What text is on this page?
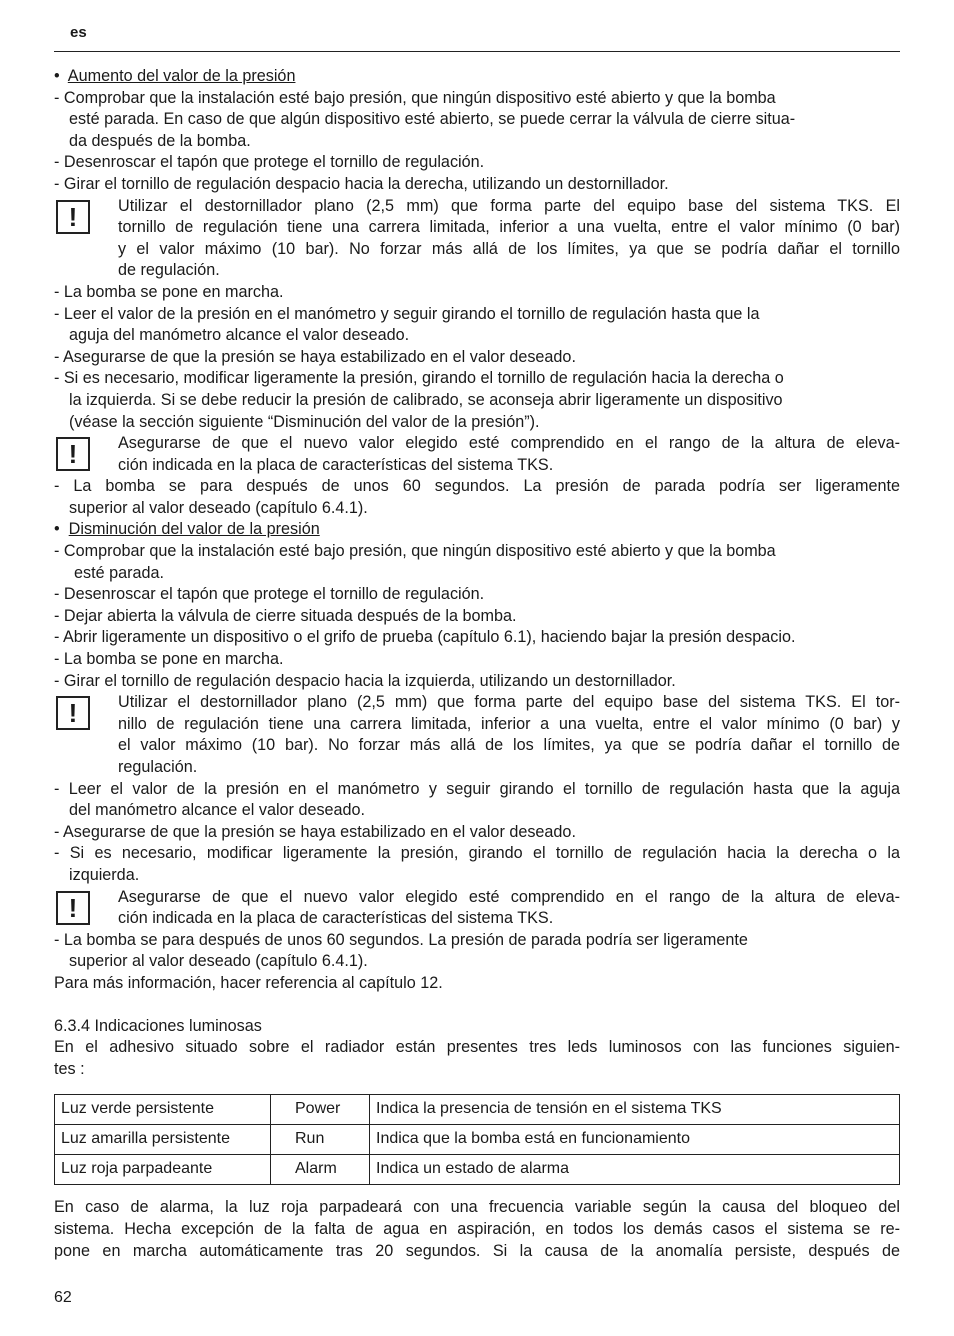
es
•  Aumento del valor de la presión
- Comprobar que la instalación esté bajo presión, que ningún dispositivo esté abierto y que la bomba
esté parada. En caso de que algún dispositivo esté abierto, se puede cerrar la válvula de cierre situa-
da después de la bomba.
- Desenroscar el tapón que protege el tornillo de regulación.
- Girar el tornillo de regulación despacio hacia la derecha, utilizando un destornillador.
!	Utilizar el destornillador plano (2,5 mm) que forma parte del equipo base del sistema TKS. El
tornillo de regulación tiene una carrera limitada, inferior a una vuelta, entre el valor mínimo (0 bar)
y el valor máximo (10 bar). No forzar más allá de los límites, ya que se podría dañar el tornillo
de regulación.
- La bomba se pone en marcha.
- Leer el valor de la presión en el manómetro y seguir girando el tornillo de regulación hasta que la
aguja del manómetro alcance el valor deseado.
- Asegurarse de que la presión se haya estabilizado en el valor deseado.
- Si es necesario, modificar ligeramente la presión, girando el tornillo de regulación hacia la derecha o
la izquierda. Si se debe reducir la presión de calibrado, se aconseja abrir ligeramente un dispositivo
(véase la sección siguiente “Disminución del valor de la presión”).
!	Asegurarse de que el nuevo valor elegido esté comprendido en el rango de la altura de eleva-
ción indicada en la placa de características del sistema TKS.
- La bomba se para después de unos 60 segundos. La presión de parada podría ser ligeramente
superior al valor deseado (capítulo 6.4.1).
•  Disminución del valor de la presión
- Comprobar que la instalación esté bajo presión, que ningún dispositivo esté abierto y que la bomba
esté parada.
- Desenroscar el tapón que protege el tornillo de regulación.
- Dejar abierta la válvula de cierre situada después de la bomba.
- Abrir ligeramente un dispositivo o el grifo de prueba (capítulo 6.1), haciendo bajar la presión despacio.
- La bomba se pone en marcha.
- Girar el tornillo de regulación despacio hacia la izquierda, utilizando un destornillador.
!	Utilizar el destornillador plano (2,5 mm) que forma parte del equipo base del sistema TKS. El tor-
nillo de regulación tiene una carrera limitada, inferior a una vuelta, entre el valor mínimo (0 bar) y
el valor máximo (10 bar). No forzar más allá de los límites, ya que se podría dañar el tornillo de
regulación.
- Leer el valor de la presión en el manómetro y seguir girando el tornillo de regulación hasta que la aguja
del manómetro alcance el valor deseado.
- Asegurarse de que la presión se haya estabilizado en el valor deseado.
- Si es necesario, modificar ligeramente la presión, girando el tornillo de regulación hacia la derecha o la
izquierda.
!	Asegurarse de que el nuevo valor elegido esté comprendido en el rango de la altura de eleva-
ción indicada en la placa de características del sistema TKS.
- La bomba se para después de unos 60 segundos. La presión de parada podría ser ligeramente
superior al valor deseado (capítulo 6.4.1).
Para más información, hacer referencia al capítulo 12.
6.3.4 Indicaciones luminosas
En el adhesivo situado sobre el radiador están presentes tres leds luminosos con las funciones siguien-
tes :
Luz verde persistente	Power	Indica la presencia de tensión en el sistema TKS
Luz amarilla persistente	Run	Indica que la bomba está en funcionamiento
Luz roja parpadeante	Alarm	Indica un estado de alarma
En caso de alarma, la luz roja parpadeará con una frecuencia variable según la causa del bloqueo del
sistema. Hecha excepción de la falta de agua en aspiración, en todos los demás casos el sistema se re-
pone en marcha automáticamente tras 20 segundos. Si la causa de la anomalía persiste, después de
62
